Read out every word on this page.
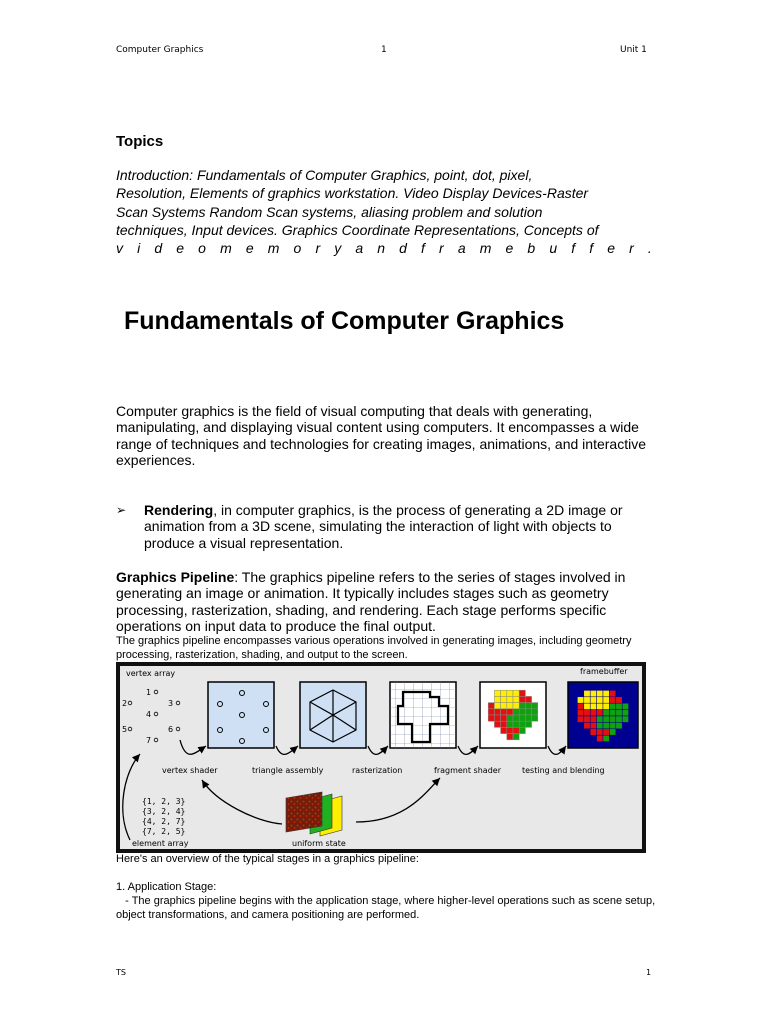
Computer Graphics	1	Unit 1
Topics
Introduction: Fundamentals of Computer Graphics, point, dot, pixel,
Resolution, Elements of graphics workstation. Video Display Devices-Raster
Scan Systems Random Scan systems, aliasing problem and solution
techniques, Input devices. Graphics Coordinate Representations, Concepts of
v i d e o m e m o r y a n d f r a m e b u f f e r .
Fundamentals of Computer Graphics
Computer graphics is the field of visual computing that deals with generating, manipulating, and displaying visual content using computers. It encompasses a wide range of techniques and technologies for creating images, animations, and interactive experiences.
➢ Rendering, in computer graphics, is the process of generating a 2D image or animation from a 3D scene, simulating the interaction of light with objects to produce a visual representation.
Graphics Pipeline: The graphics pipeline refers to the series of stages involved in generating an image or animation. It typically includes stages such as geometry processing, rasterization, shading, and rendering. Each stage performs specific operations on input data to produce the final output.
The graphics pipeline encompasses various operations involved in generating images, including geometry processing, rasterization, shading, and output to the screen.
vertex array	framebuffer
1
2	3
4
5	6
7
vertex shader	triangle assembly	rasterization	fragment shader	testing and blending
{1, 2, 3}
{3, 2, 4}
{4, 2, 7}
{7, 2, 5}
element array	uniform state
Here's an overview of the typical stages in a graphics pipeline:
1. Application Stage:
- The graphics pipeline begins with the application stage, where higher-level operations such as scene setup, object transformations, and camera positioning are performed.
TS	1
